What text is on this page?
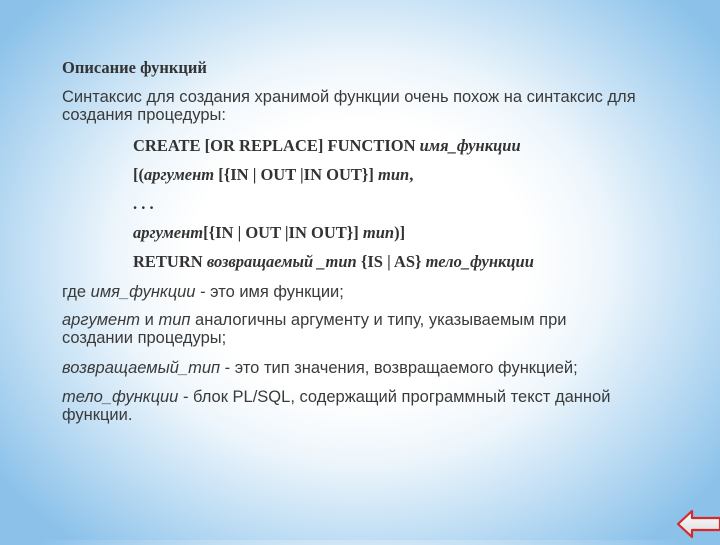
Описание функций
Синтаксис для создания хранимой функции очень похож на синтаксис для создания процедуры:
CREATE [OR REPLACE] FUNCTION имя_функции
[(аргумент [{IN | OUT |IN OUT}] тип,
. . .
аргумент[{IN | OUT |IN OUT}] тип)]
RETURN возвращаемый _тип {IS | AS} тело_функции
где имя_функции - это имя функции;
аргумент и тип аналогичны аргументу и типу, указываемым при создании процедуры;
возвращаемый_тип - это тип значения, возвращаемого функцией;
тело_функции - блок PL/SQL, содержащий программный текст данной функции.
